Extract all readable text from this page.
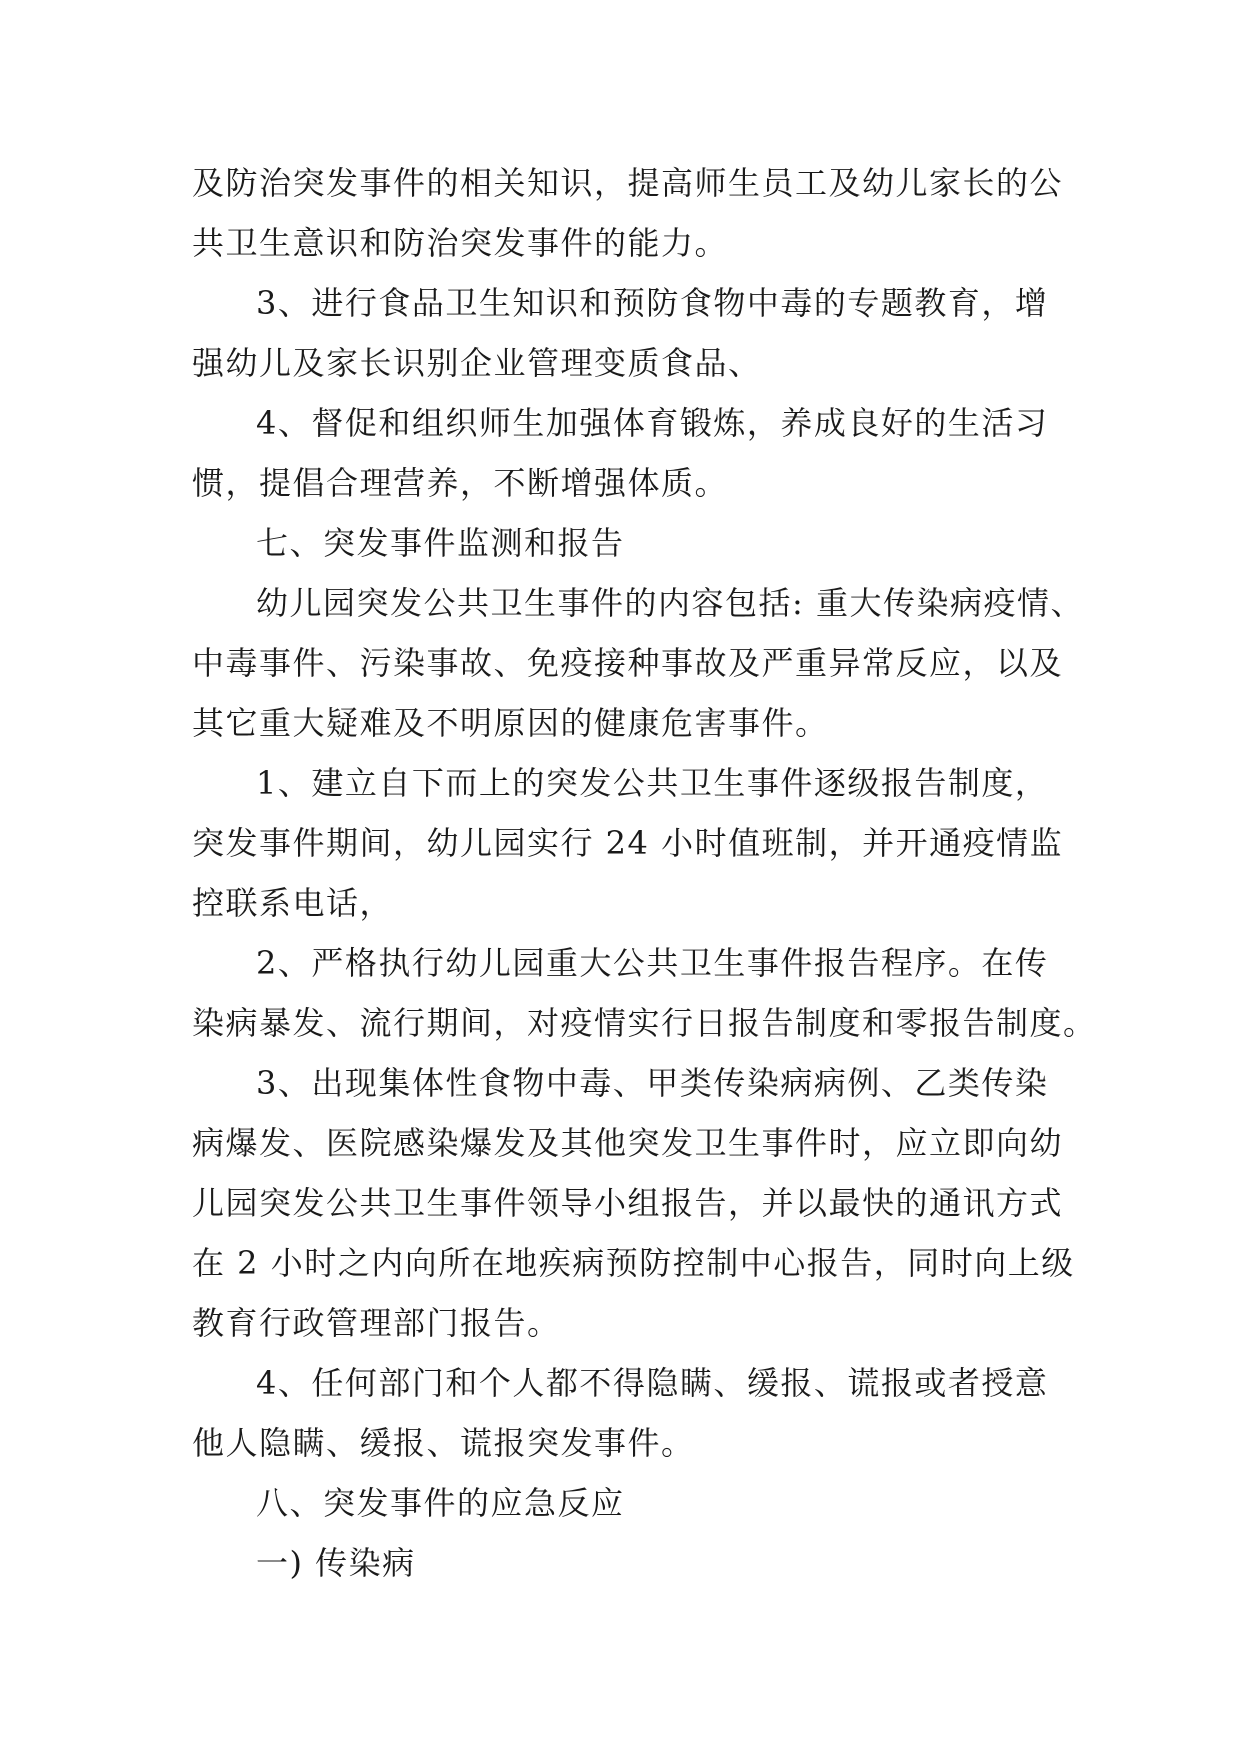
及防治突发事件的相关知识，提高师生员工及幼儿家长的公
共卫生意识和防治突发事件的能力。
3、进行食品卫生知识和预防食物中毒的专题教育，增
强幼儿及家长识别企业管理变质食品、
4、督促和组织师生加强体育锻炼，养成良好的生活习
惯，提倡合理营养，不断增强体质。
七、突发事件监测和报告
幼儿园突发公共卫生事件的内容包括: 重大传染病疫情、
中毒事件、污染事故、免疫接种事故及严重异常反应，以及
其它重大疑难及不明原因的健康危害事件。
1、建立自下而上的突发公共卫生事件逐级报告制度，
突发事件期间，幼儿园实行 24 小时值班制，并开通疫情监
控联系电话，
2、严格执行幼儿园重大公共卫生事件报告程序。在传
染病暴发、流行期间，对疫情实行日报告制度和零报告制度。
3、出现集体性食物中毒、甲类传染病病例、乙类传染
病爆发、医院感染爆发及其他突发卫生事件时，应立即向幼
儿园突发公共卫生事件领导小组报告，并以最快的通讯方式
在 2 小时之内向所在地疾病预防控制中心报告，同时向上级
教育行政管理部门报告。
4、任何部门和个人都不得隐瞒、缓报、谎报或者授意
他人隐瞒、缓报、谎报突发事件。
八、突发事件的应急反应
一) 传染病
